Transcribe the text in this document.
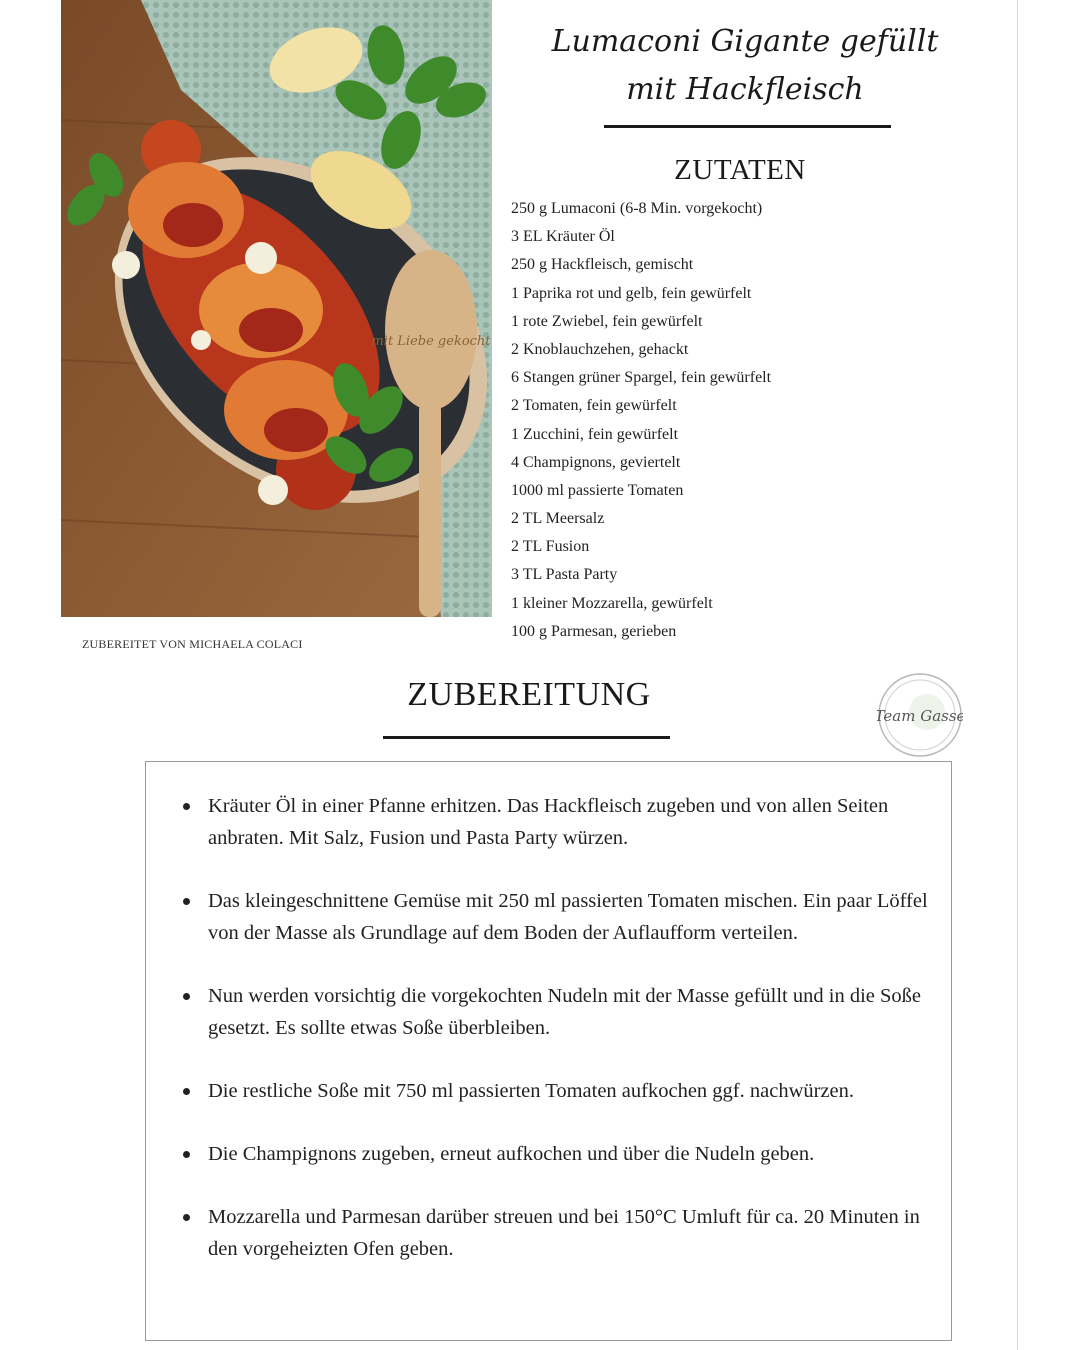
mit Liebe gekocht
ZUBEREITET VON MICHAELA COLACI
Lumaconi Gigante gefüllt mit Hackfleisch
ZUTATEN
250 g Lumaconi (6-8 Min. vorgekocht)
3 EL Kräuter Öl
250 g Hackfleisch, gemischt
1 Paprika rot und gelb, fein gewürfelt
1 rote Zwiebel, fein gewürfelt
2 Knoblauchzehen, gehackt
6 Stangen grüner Spargel, fein gewürfelt
2 Tomaten, fein gewürfelt
1 Zucchini, fein gewürfelt
4 Champignons, geviertelt
1000 ml passierte Tomaten
2 TL Meersalz
2 TL Fusion
3 TL Pasta Party
1 kleiner Mozzarella, gewürfelt
100 g Parmesan, gerieben
ZUBEREITUNG
Team Gasse
Kräuter Öl in einer Pfanne erhitzen. Das Hackfleisch zugeben und von allen Seiten anbraten. Mit Salz, Fusion und Pasta Party würzen.
Das kleingeschnittene Gemüse mit 250 ml passierten Tomaten mischen. Ein paar Löffel von der Masse als Grundlage auf dem Boden der Auflaufform verteilen.
Nun werden vorsichtig die vorgekochten Nudeln mit der Masse gefüllt und in die Soße gesetzt. Es sollte etwas Soße überbleiben.
Die restliche Soße mit 750 ml passierten Tomaten aufkochen ggf. nachwürzen.
Die Champignons zugeben, erneut aufkochen und über die Nudeln geben.
Mozzarella und Parmesan darüber streuen und bei 150°C Umluft für ca. 20 Minuten in den vorgeheizten Ofen geben.
